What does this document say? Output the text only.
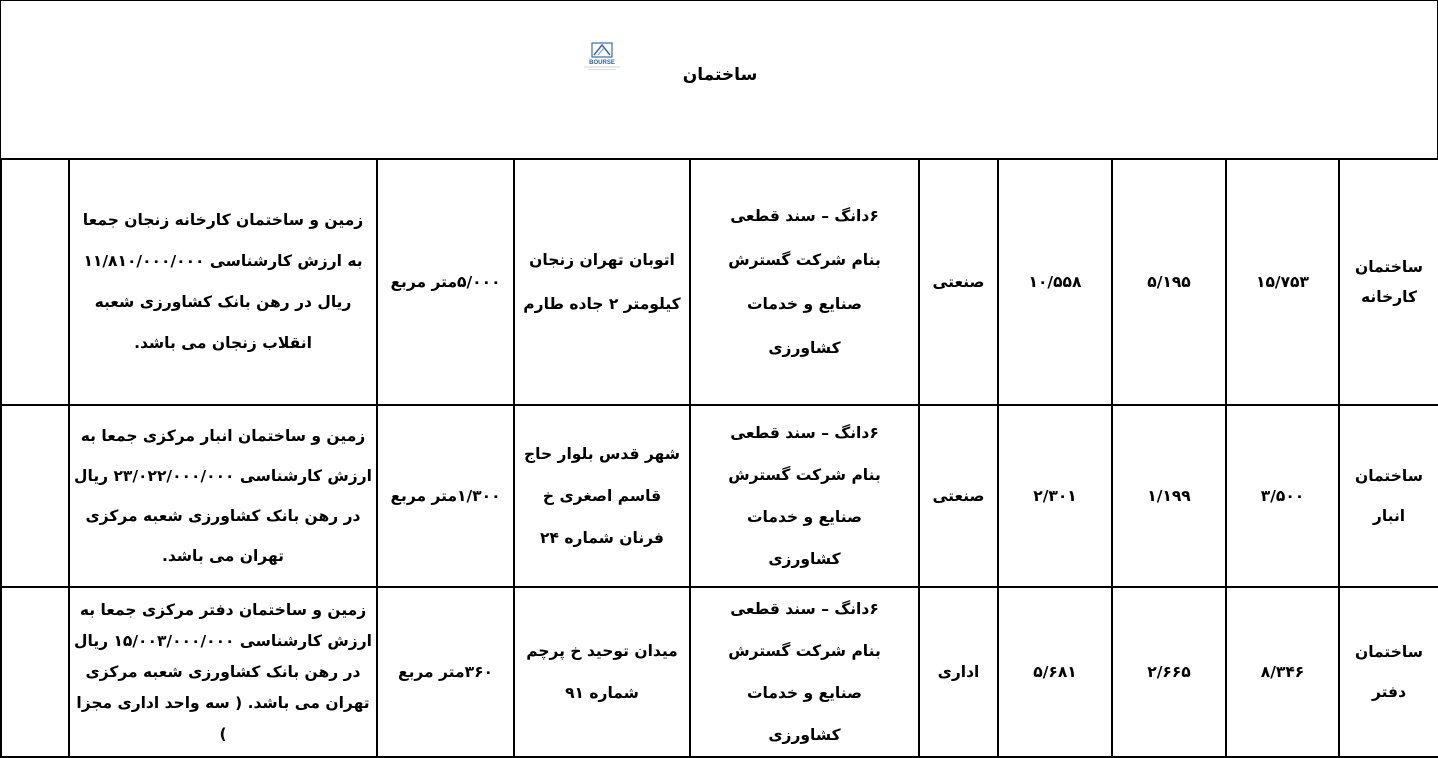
BOURSE
ساختمان
ساختمان کارخانه	۱۵/۷۵۳	۵/۱۹۵	۱۰/۵۵۸	صنعتی	۶دانگ – سند قطعی بنام شرکت گسترش صنایع و خدمات کشاورزی	اتوبان تهران زنجان کیلومتر ۲ جاده طارم	۵/۰۰۰متر مربع	زمین و ساختمان کارخانه زنجان جمعا به ارزش کارشناسی ۱۱/۸۱۰/۰۰۰/۰۰۰ ریال در رهن بانک کشاورزی شعبه انقلاب زنجان می باشد.	
ساختمان انبار	۳/۵۰۰	۱/۱۹۹	۲/۳۰۱	صنعتی	۶دانگ – سند قطعی بنام شرکت گسترش صنایع و خدمات کشاورزی	شهر قدس بلوار حاج قاسم اصغری خ فرنان شماره ۲۴	۱/۳۰۰متر مربع	زمین و ساختمان انبار مرکزی جمعا به ارزش کارشناسی ۲۳/۰۲۲/۰۰۰/۰۰۰ ریال در رهن بانک کشاورزی شعبه مرکزی تهران می باشد.	
ساختمان دفتر	۸/۳۴۶	۲/۶۶۵	۵/۶۸۱	اداری	۶دانگ – سند قطعی بنام شرکت گسترش صنایع و خدمات کشاورزی	میدان توحید خ پرچم شماره ۹۱	۳۶۰متر مربع	زمین و ساختمان دفتر مرکزی جمعا به ارزش کارشناسی ۱۵/۰۰۳/۰۰۰/۰۰۰ ریال در رهن بانک کشاورزی شعبه مرکزی تهران می باشد. ( سه واحد اداری مجزا )	
